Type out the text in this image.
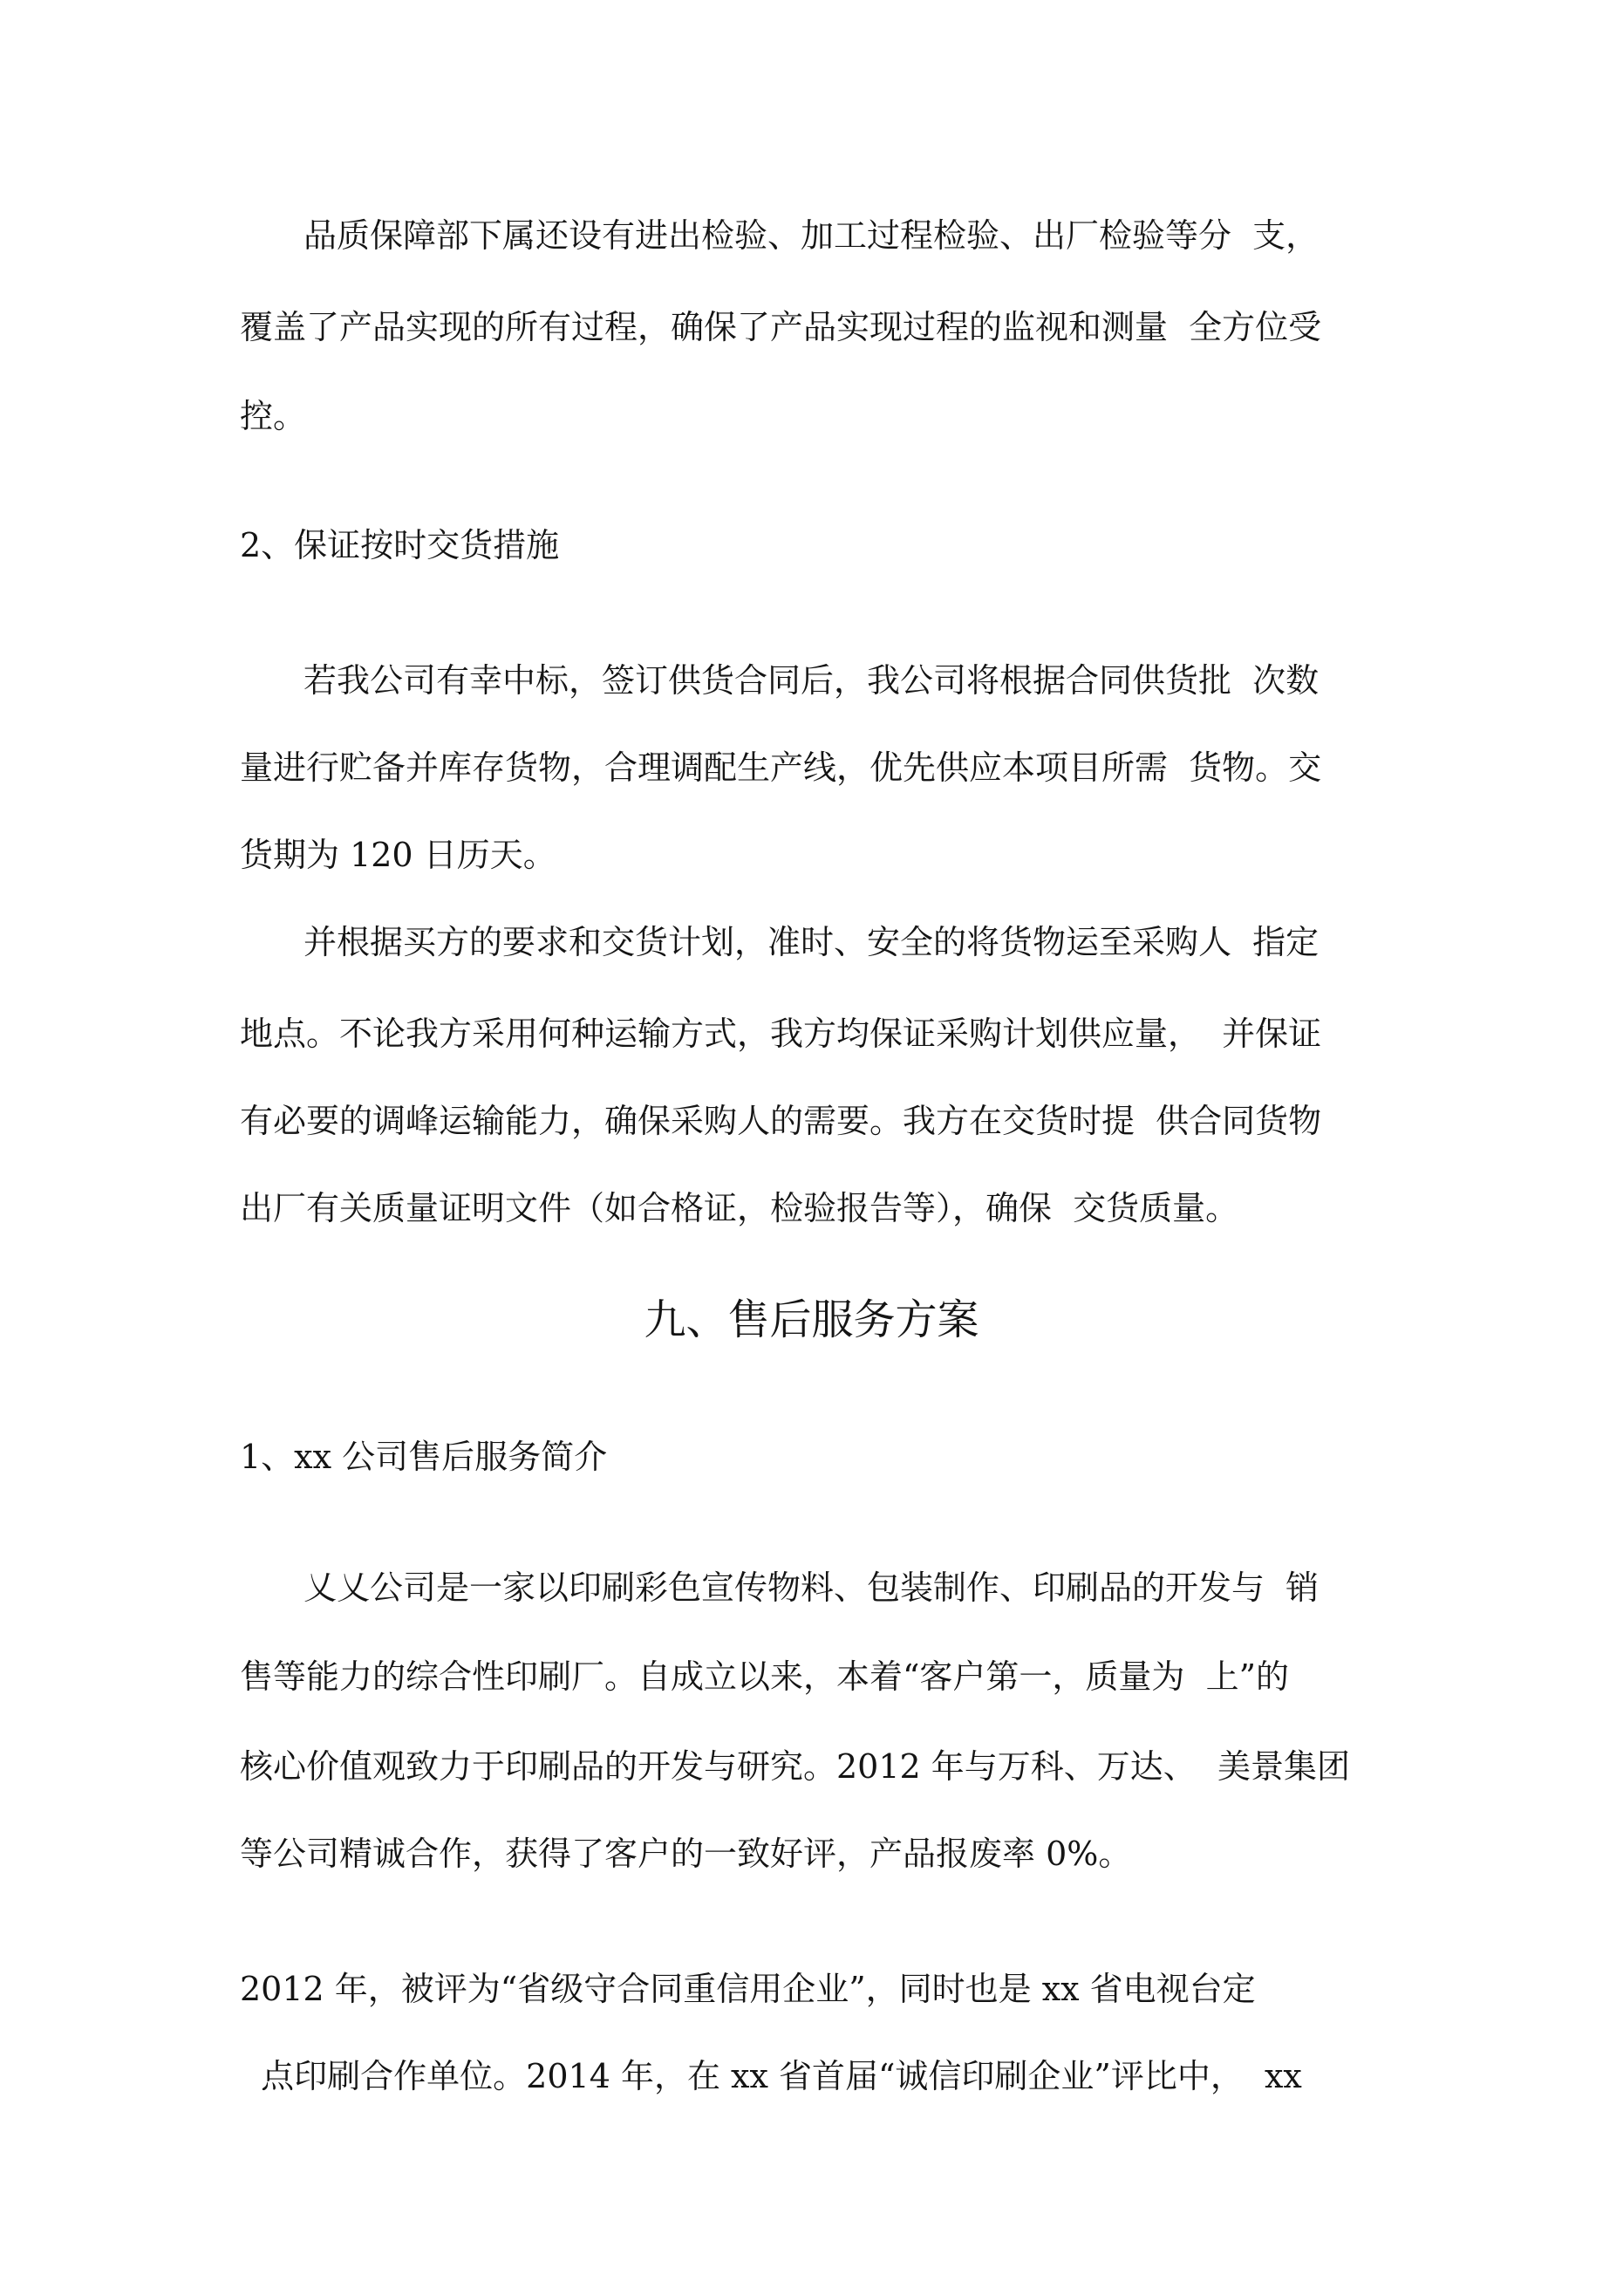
品质保障部下属还设有进出检验、加工过程检验、出厂检验等分  支，
覆盖了产品实现的所有过程，确保了产品实现过程的监视和测量  全方位受
控。
2、保证按时交货措施
若我公司有幸中标，签订供货合同后，我公司将根据合同供货批  次数
量进行贮备并库存货物，合理调配生产线，优先供应本项目所需  货物。交
货期为 120 日历天。
并根据买方的要求和交货计划，准时、安全的将货物运至采购人  指定
地点。不论我方采用何种运输方式，我方均保证采购计划供应量，  并保证
有必要的调峰运输能力，确保采购人的需要。我方在交货时提  供合同货物
出厂有关质量证明文件（如合格证，检验报告等），确保  交货质量。
九、售后服务方案
1、xx 公司售后服务简介
乂乂公司是一家以印刷彩色宣传物料、包装制作、印刷品的开发与  销
售等能力的综合性印刷厂。自成立以来，本着“客户第一，质量为  上”的
核心价值观致力于印刷品的开发与研究。2012 年与万科、万达、  美景集团
等公司精诚合作，获得了客户的一致好评，产品报废率 0%。
2012 年，被评为“省级守合同重信用企业”，同时也是 xx 省电视台定
点印刷合作单位。2014 年，在 xx 省首届“诚信印刷企业”评比中，  xx
